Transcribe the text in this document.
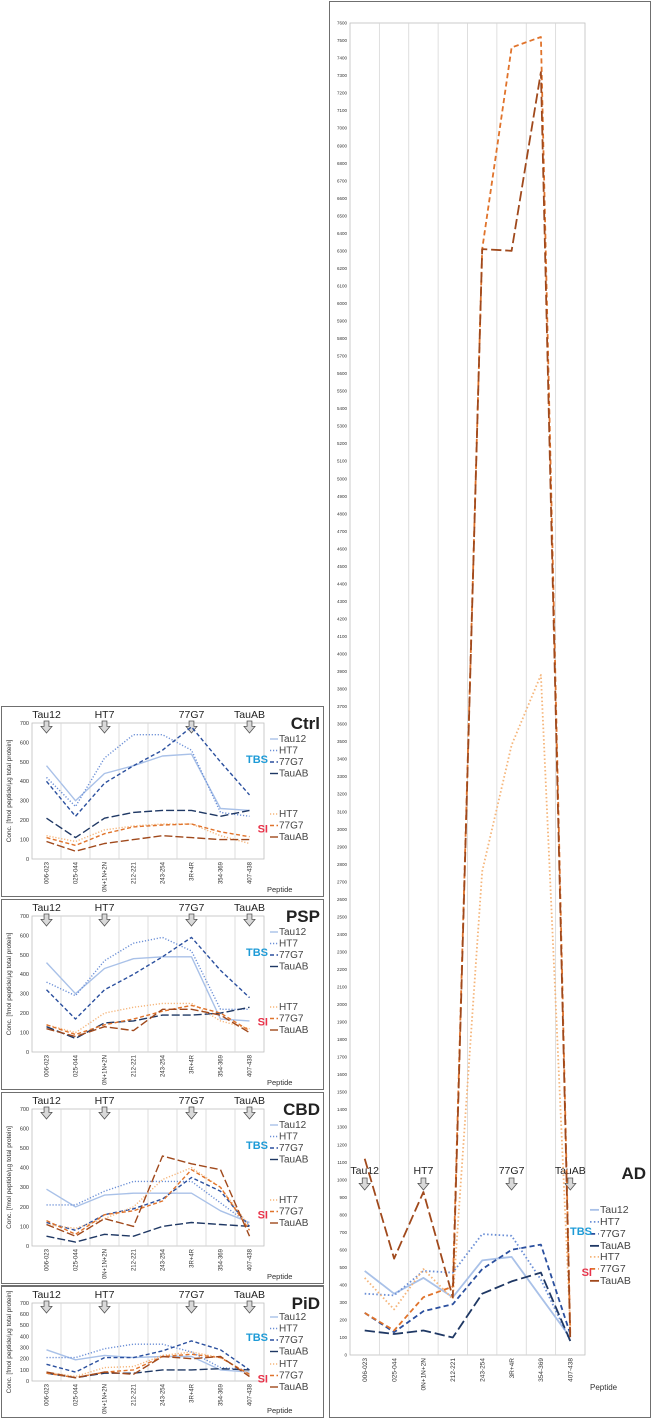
0
100
200
300
400
500
600
700
Conc. [fmol peptide/µg total protein]
006-023	025-044	0N+1N+2N	212-221	243-254	3R+4R	354-369	407-438
Peptide
Ctrl
Tau12	HT7	77G7	TauAB
Tau12
HT7
77G7
TauAB
HT7
77G7
TauAB
TBS
SI
0
100
200
300
400
500
600
700
Conc. [fmol peptide/µg total protein]
006-023	025-044	0N+1N+2N	212-221	243-254	3R+4R	354-369	407-438
Peptide
PSP
Tau12	HT7	77G7	TauAB
Tau12
HT7
77G7
TauAB
HT7
77G7
TauAB
TBS
SI
0
100
200
300
400
500
600
700
Conc. [fmol peptide/µg total protein]
006-023	025-044	0N+1N+2N	212-221	243-254	3R+4R	354-369	407-438
Peptide
CBD
Tau12	HT7	77G7	TauAB
Tau12
HT7
77G7
TauAB
HT7
77G7
TauAB
TBS
SI
0
100
200
300
400
500
600
700
Conc. [fmol peptide/µg total protein]
006-023	025-044	0N+1N+2N	212-221	243-254	3R+4R	354-369	407-438
Peptide
PiD
Tau12	HT7	77G7	TauAB
Tau12
HT7
77G7
TauAB
HT7
77G7
TauAB
TBS
SI
0
100
200
300
400
500
600
700
800
900
1000
1100
1200
1300
1400
1500
1600
1700
1800
1900
2000
2100
2200
2300
2400
2500
2600
2700
2800
2900
3000
3100
3200
3300
3400
3500
3600
3700
3800
3900
4000
4100
4200
4300
4400
4500
4600
4700
4800
4900
5000
5100
5200
5300
5400
5500
5600
5700
5800
5900
6000
6100
6200
6300
6400
6500
6600
6700
6800
6900
7000
7100
7200
7300
7400
7500
7600
006-023	025-044	0N+1N+2N	212-221	243-254	3R+4R	354-369	407-438
Peptide
AD
Tau12	HT7	77G7	TauAB
Tau12
HT7
77G7
TauAB
HT7
77G7
TauAB
TBS
SI
